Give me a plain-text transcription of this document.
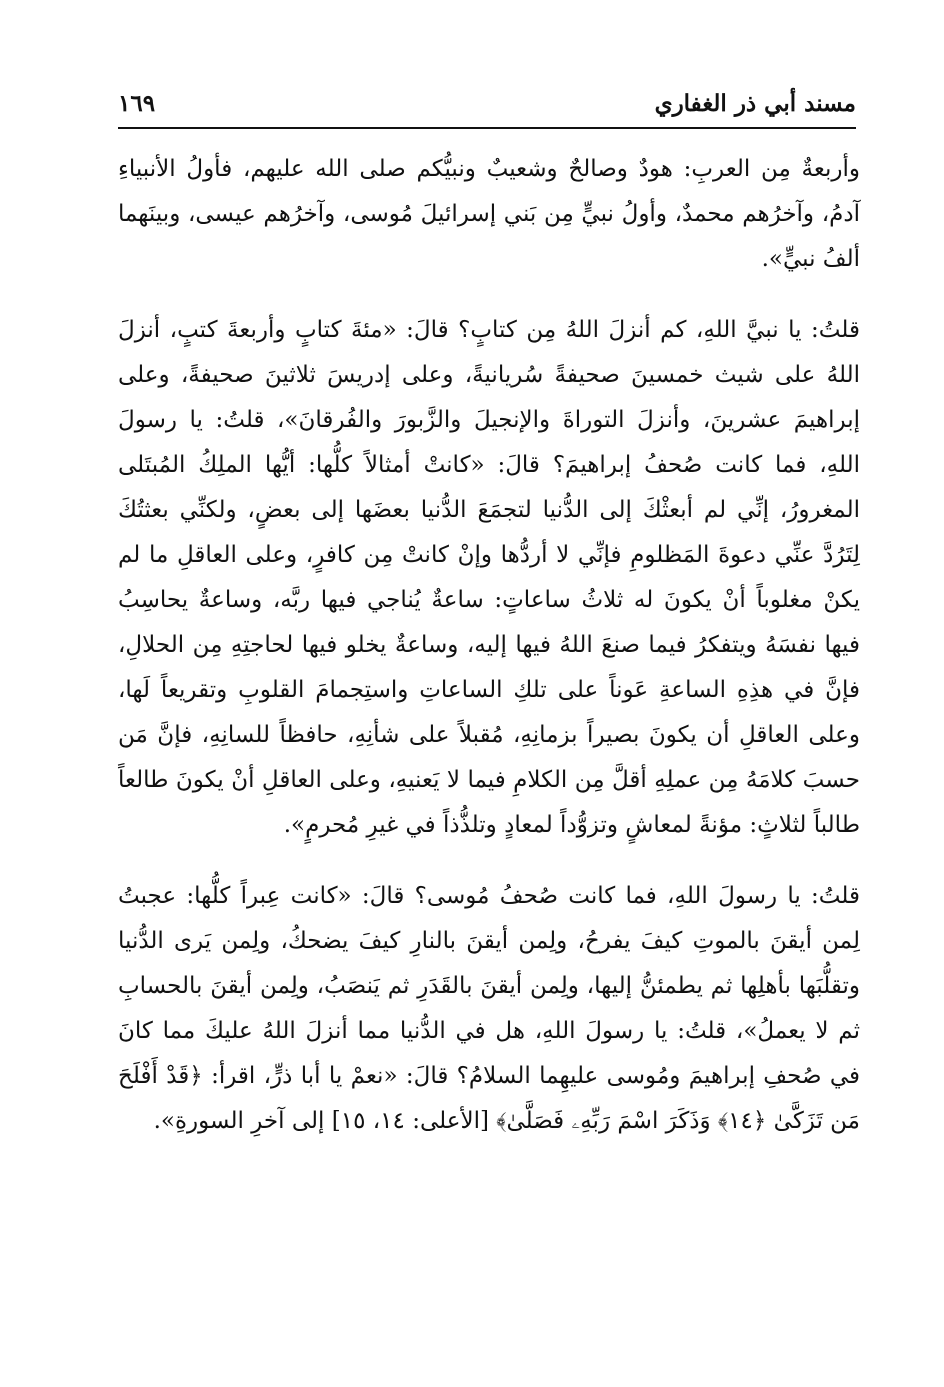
مسند أبي ذر الغفاري
١٦٩

وأربعةٌ مِن العربِ: هودٌ وصالحٌ وشعيبٌ ونبيُّكم صلى الله عليهم، فأولُ الأنبياءِ آدمُ، وآخرُهم محمدٌ، وأولُ نبيٍّ مِن بَني إسرائيلَ مُوسى، وآخرُهم عيسى، وبينَهما ألفُ نبيٍّ».

قلتُ: يا نبيَّ اللهِ، كم أنزلَ اللهُ مِن كتابٍ؟ قالَ: «مئةَ كتابٍ وأربعةَ كتبٍ، أنزلَ اللهُ على شيث خمسينَ صحيفةً سُريانيةً، وعلى إدريسَ ثلاثينَ صحيفةً، وعلى إبراهيمَ عشرينَ، وأنزلَ التوراةَ والإنجيلَ والزَّبورَ والفُرقانَ»، قلتُ: يا رسولَ اللهِ، فما كانت صُحفُ إبراهيمَ؟ قالَ: «كانتْ أمثالاً كلُّها: أيُّها الملِكُ المُبتَلى المغرورُ، إنِّي لم أبعثْكَ إلى الدُّنيا لتجمَعَ الدُّنيا بعضَها إلى بعضٍ، ولكنِّي بعثتُكَ لِتَرُدَّ عنِّي دعوةَ المَظلومِ فإنِّي لا أردُّها وإنْ كانتْ مِن كافرٍ، وعلى العاقلِ ما لم يكنْ مغلوباً أنْ يكونَ له ثلاثُ ساعاتٍ: ساعةٌ يُناجي فيها ربَّه، وساعةٌ يحاسِبُ فيها نفسَهُ ويتفكرُ فيما صنعَ اللهُ فيها إليه، وساعةٌ يخلو فيها لحاجتِهِ مِن الحلالِ، فإنَّ في هذِهِ الساعةِ عَوناً على تلكِ الساعاتِ واستِجمامَ القلوبِ وتقريعاً لَها، وعلى العاقلِ أن يكونَ بصيراً بزمانِهِ، مُقبلاً على شأنِهِ، حافظاً للسانِهِ، فإنَّ مَن حسبَ كلامَهُ مِن عملِهِ أقلَّ مِن الكلامِ فيما لا يَعنيهِ، وعلى العاقلِ أنْ يكونَ طالعاً طالباً لثلاثٍ: مؤنةً لمعاشٍ وتزوُّداً لمعادٍ وتلذُّذاً في غيرِ مُحرمٍ».

قلتُ: يا رسولَ اللهِ، فما كانت صُحفُ مُوسى؟ قالَ: «كانت عِبراً كلُّها: عجبتُ لِمن أيقنَ بالموتِ كيفَ يفرحُ، ولِمن أيقنَ بالنارِ كيفَ يضحكُ، ولِمن يَرى الدُّنيا وتقلُّبَها بأهلِها ثم يطمئنُّ إليها، ولِمن أيقنَ بالقَدَرِ ثم يَنصَبُ، ولِمن أيقنَ بالحسابِ ثم لا يعملُ»، قلتُ: يا رسولَ اللهِ، هل في الدُّنيا مما أنزلَ اللهُ عليكَ مما كانَ في صُحفِ إبراهيمَ ومُوسى عليهِما السلامُ؟ قالَ: «نعمْ يا أبا ذرٍّ، اقرأ: ﴿قَدْ أَفْلَحَ مَن تَزَكَّىٰ ﴿١٤﴾ وَذَكَرَ اسْمَ رَبِّهِۦ فَصَلَّىٰ﴾ [الأعلى: ١٤، ١٥] إلى آخرِ السورةِ».
